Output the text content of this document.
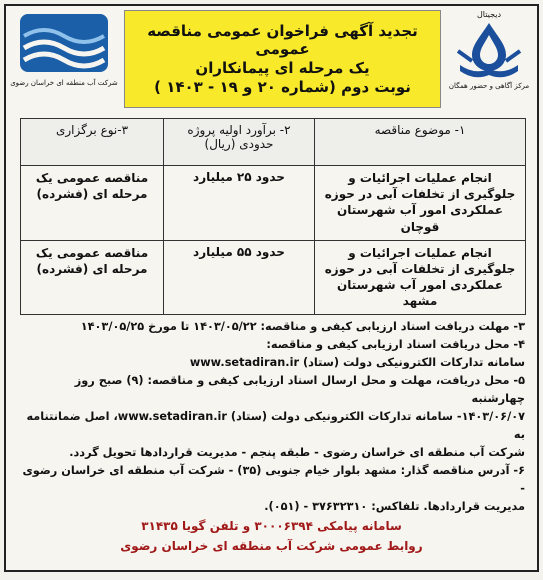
دیجیتال
مرکز آگاهی و حضور همگان
تجدید آگهی فراخوان عمومی مناقصه عمومی
یک مرحله ای پیمانکاران
نوبت دوم (شماره ۲۰ و ۱۹ - ۱۴۰۳ )
شرکت آب منطقه ای خراسان رضوی
۱- موضوع مناقصه	۲- برآورد اولیه پروژه حدودی (ریال)	۳-نوع برگزاری
انجام عملیات اجرائیات و جلوگیری از تخلفات آبی در حوزه عملکردی امور آب شهرستان قوچان	حدود ۲۵ میلیارد	مناقصه عمومی یک مرحله ای (فشرده)
انجام عملیات اجرائیات و جلوگیری از تخلفات آبی در حوزه عملکردی امور آب شهرستان مشهد	حدود ۵۵ میلیارد	مناقصه عمومی یک مرحله ای (فشرده)

۳- مهلت دریافت اسناد ارزیابی کیفی و مناقصه: ۱۴۰۳/۰۵/۲۲ تا مورخ ۱۴۰۳/۰۵/۲۵

۴- محل دریافت اسناد ارزیابی کیفی و مناقصه:

سامانه تدارکات الکترونیکی دولت (ستاد) www.setadiran.ir

۵- محل دریافت، مهلت و محل ارسال اسناد ارزیابی کیفی و مناقصه: (۹) صبح روز چهارشنبه

۱۴۰۳/۰۶/۰۷- سامانه تدارکات الکترونیکی دولت (ستاد) www.setadiran.ir، اصل ضمانتنامه به

شرکت آب منطقه ای خراسان رضوی - طبقه پنجم - مدیریت قراردادها تحویل گردد.

۶- آدرس مناقصه گذار: مشهد بلوار خیام جنوبی (۳۵) - شرکت آب منطقه ای خراسان رضوی -

مدیریت قراردادها. تلفاکس: ۳۷۶۳۲۳۱۰ - (۰۵۱).

سامانه پیامکی ۳۰۰۰۶۳۹۴ و تلفن گویا ۳۱۴۳۵
روابط عمومی شرکت آب منطقه ای خراسان رضوی
